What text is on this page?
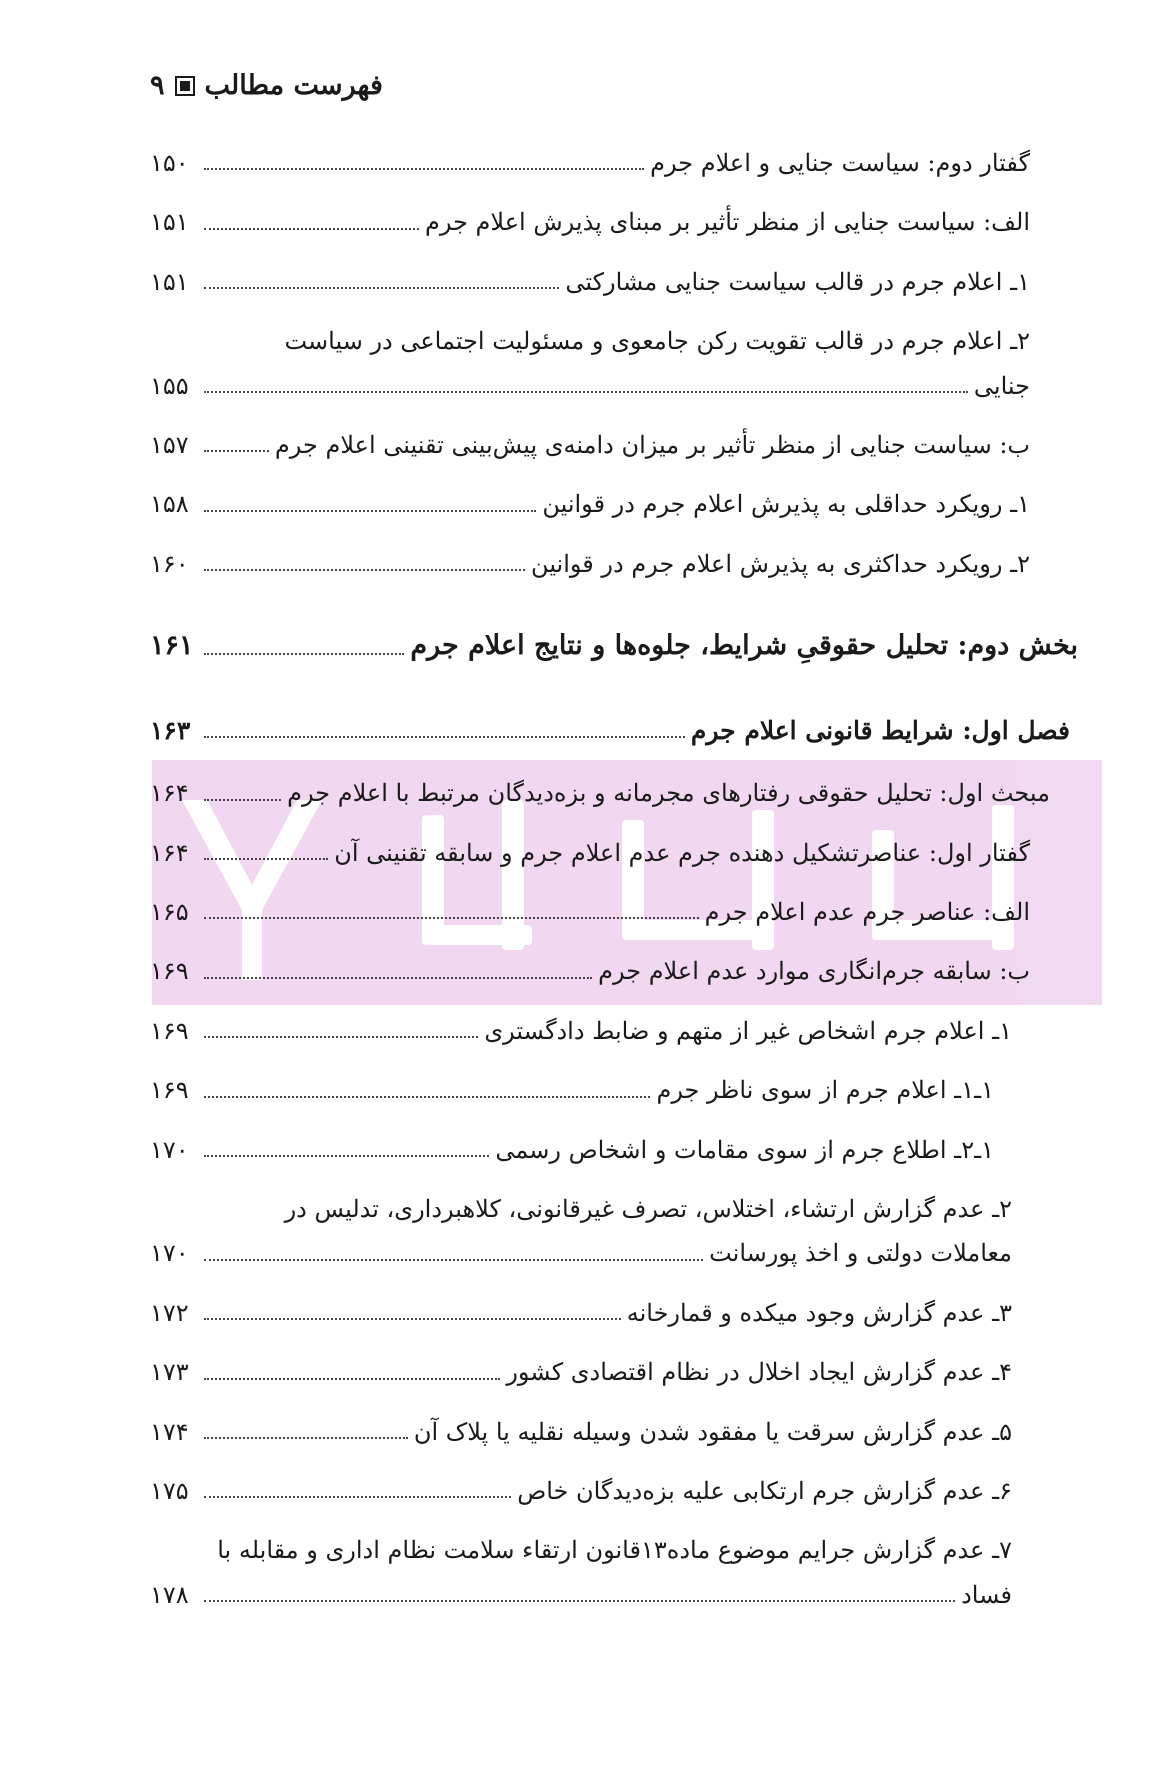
فهرست مطالب
۹
گفتار دوم: سیاست جنایی و اعلام جرم
۱۵۰
الف: سیاست جنایی از منظر تأثیر بر مبنای پذیرش اعلام جرم
۱۵۱
۱ـ اعلام جرم در قالب سیاست جنایی مشارکتی
۱۵۱
۲ـ اعلام جرم در قالب تقویت رکن جامعوی و مسئولیت اجتماعی در سیاست
جنایی
۱۵۵
ب: سیاست جنایی از منظر تأثیر بر میزان دامنه‌ی پیش‌بینی تقنینی اعلام جرم
۱۵۷
۱ـ رویکرد حداقلی به پذیرش اعلام جرم در قوانین
۱۵۸
۲ـ رویکرد حداکثری به پذیرش اعلام جرم در قوانین
۱۶۰
بخش دوم: تحلیل حقوقیِ شرایط، جلوه‌ها و نتایج اعلام جرم
۱۶۱
فصل اول: شرایط قانونی اعلام جرم
۱۶۳
مبحث اول: تحلیل حقوقی رفتارهای مجرمانه و بزه‌دیدگان مرتبط با اعلام جرم
۱۶۴
گفتار اول: عناصرتشکیل دهنده جرم عدم اعلام جرم و سابقه تقنینی آن
۱۶۴
الف: عناصر جرم عدم اعلام جرم
۱۶۵
ب: سابقه جرم‌انگاری موارد عدم اعلام جرم
۱۶۹
۱ـ اعلام جرم اشخاص غیر از متهم و ضابط دادگستری
۱۶۹
۱ـ۱ـ اعلام جرم از سوی ناظر جرم
۱۶۹
۱ـ۲ـ اطلاع جرم از سوی مقامات و اشخاص رسمی
۱۷۰
۲ـ عدم گزارش ارتشاء، اختلاس، تصرف غیرقانونی، کلاهبرداری، تدلیس در
معاملات دولتی و اخذ پورسانت
۱۷۰
۳ـ عدم گزارش وجود میکده و قمارخانه
۱۷۲
۴ـ عدم گزارش ایجاد اخلال در نظام اقتصادی کشور
۱۷۳
۵ـ عدم گزارش سرقت یا مفقود شدن وسیله نقلیه یا پلاک آن
۱۷۴
۶ـ عدم گزارش جرم ارتکابی علیه بزه‌دیدگان خاص
۱۷۵
۷ـ عدم گزارش جرایم موضوع ماده۱۳قانون ارتقاء سلامت نظام اداری و مقابله با
فساد
۱۷۸
